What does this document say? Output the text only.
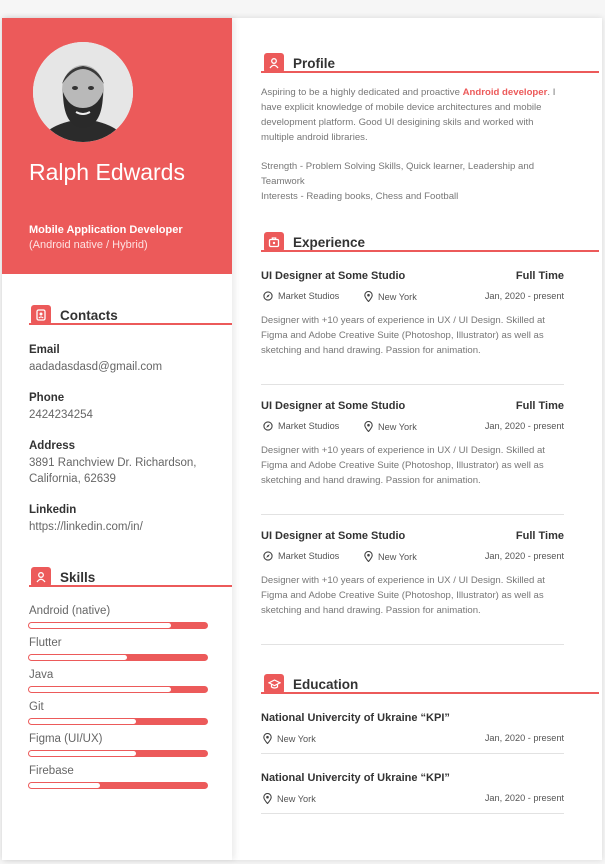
Ralph Edwards
Mobile Application Developer
(Android native / Hybrid)
Contacts
Email
aadadasdasd@gmail.com
Phone
2424234254
Address
3891 Ranchview Dr. Richardson, California, 62639
Linkedin
https://linkedin.com/in/
Skills
Android (native)
Flutter
Java
Git
Figma (UI/UX)
Firebase
Profile
Aspiring to be a highly dedicated and proactive Android developer. I have explicit knowledge of mobile device architectures and mobile development platform. Good UI desigining skils and worked with multiple android libraries.
Strength - Problem Solving Skills, Quick learner, Leadership and Teamwork
Interests - Reading books, Chess and Football
Experience
UI Designer at Some Studio	Full Time
Market Studios	New York	Jan, 2020 - present
Designer with +10 years of experience in UX / UI Design. Skilled at Figma and Adobe Creative Suite (Photoshop, Illustrator) as well as sketching and hand drawing. Passion for animation.
UI Designer at Some Studio	Full Time
Market Studios	New York	Jan, 2020 - present
Designer with +10 years of experience in UX / UI Design. Skilled at Figma and Adobe Creative Suite (Photoshop, Illustrator) as well as sketching and hand drawing. Passion for animation.
UI Designer at Some Studio	Full Time
Market Studios	New York	Jan, 2020 - present
Designer with +10 years of experience in UX / UI Design. Skilled at Figma and Adobe Creative Suite (Photoshop, Illustrator) as well as sketching and hand drawing. Passion for animation.
Education
National Univercity of Ukraine “KPI”
New York	Jan, 2020 - present
National Univercity of Ukraine “KPI”
New York	Jan, 2020 - present
